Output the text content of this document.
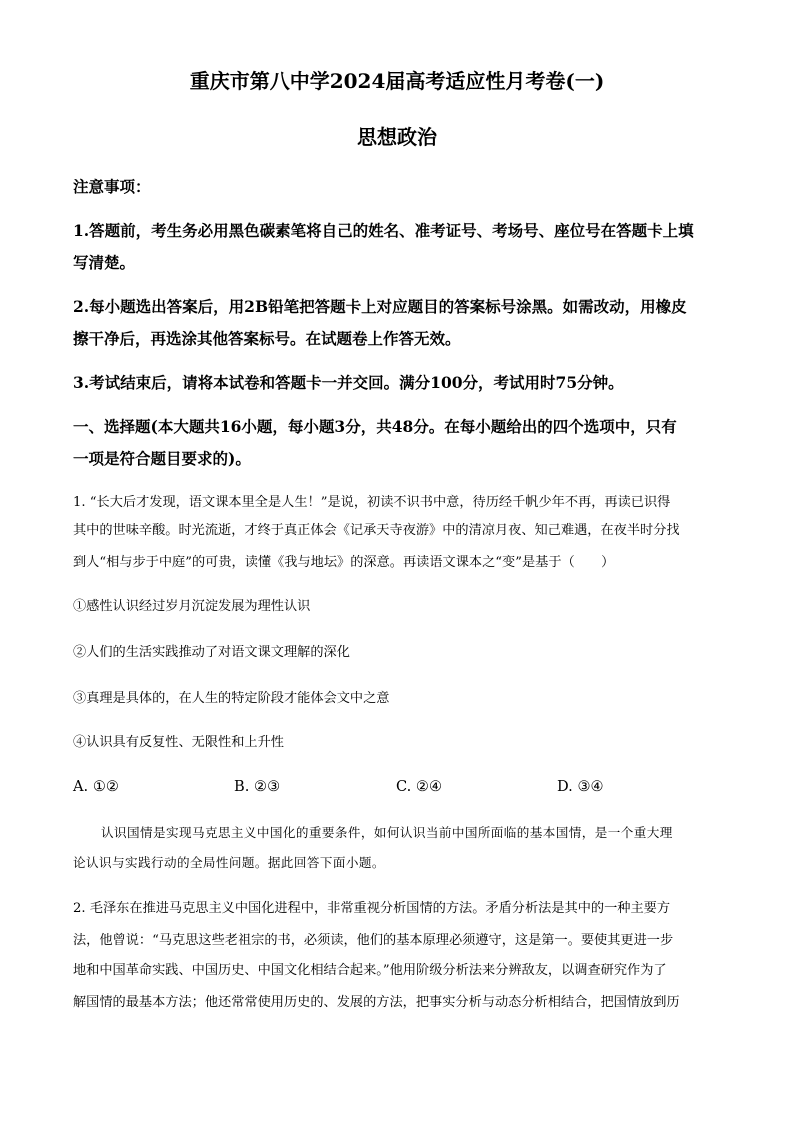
重庆市第八中学2024届高考适应性月考卷(一)
思想政治
注意事项：
1.答题前，考生务必用黑色碳素笔将自己的姓名、准考证号、考场号、座位号在答题卡上填
写清楚。
2.每小题选出答案后，用2B铅笔把答题卡上对应题目的答案标号涂黑。如需改动，用橡皮
擦干净后，再选涂其他答案标号。在试题卷上作答无效。
3.考试结束后，请将本试卷和答题卡一并交回。满分100分，考试用时75分钟。
一、选择题(本大题共16小题，每小题3分，共48分。在每小题给出的四个选项中，只有
一项是符合题目要求的)。
1. “长大后才发现，语文课本里全是人生！”是说，初读不识书中意，待历经千帆少年不再，再读已识得
其中的世味辛酸。时光流逝，才终于真正体会《记承天寺夜游》中的清凉月夜、知己难遇，在夜半时分找
到人“相与步于中庭”的可贵，读懂《我与地坛》的深意。再读语文课本之“变”是基于（　　）
①感性认识经过岁月沉淀发展为理性认识
②人们的生活实践推动了对语文课文理解的深化
③真理是具体的，在人生的特定阶段才能体会文中之意
④认识具有反复性、无限性和上升性
A. ①②	B. ②③	C. ②④	D. ③④
认识国情是实现马克思主义中国化的重要条件，如何认识当前中国所面临的基本国情，是一个重大理
论认识与实践行动的全局性问题。据此回答下面小题。
2. 毛泽东在推进马克思主义中国化进程中，非常重视分析国情的方法。矛盾分析法是其中的一种主要方
法，他曾说：“马克思这些老祖宗的书，必须读，他们的基本原理必须遵守，这是第一。要使其更进一步
地和中国革命实践、中国历史、中国文化相结合起来。”他用阶级分析法来分辨敌友，以调查研究作为了
解国情的最基本方法；他还常常使用历史的、发展的方法，把事实分析与动态分析相结合，把国情放到历
